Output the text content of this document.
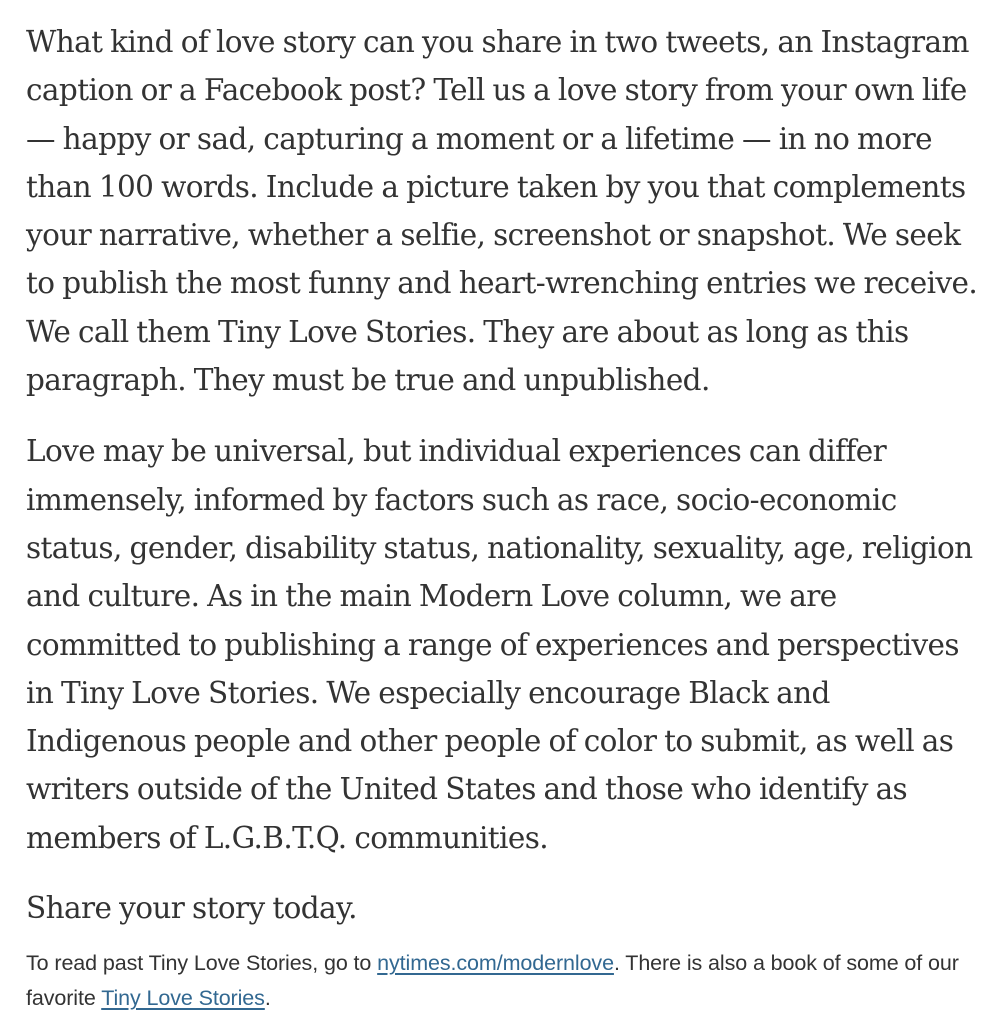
What kind of love story can you share in two tweets, an Instagram caption or a Facebook post? Tell us a love story from your own life — happy or sad, capturing a moment or a lifetime — in no more than 100 words. Include a picture taken by you that complements your narrative, whether a selfie, screenshot or snapshot. We seek to publish the most funny and heart-wrenching entries we receive. We call them Tiny Love Stories. They are about as long as this paragraph. They must be true and unpublished.

Love may be universal, but individual experiences can differ immensely, informed by factors such as race, socio-economic status, gender, disability status, nationality, sexuality, age, religion and culture. As in the main Modern Love column, we are committed to publishing a range of experiences and perspectives in Tiny Love Stories. We especially encourage Black and Indigenous people and other people of color to submit, as well as writers outside of the United States and those who identify as members of L.G.B.T.Q. communities.

Share your story today.

To read past Tiny Love Stories, go to nytimes.com/modernlove. There is also a book of some of our favorite Tiny Love Stories.
